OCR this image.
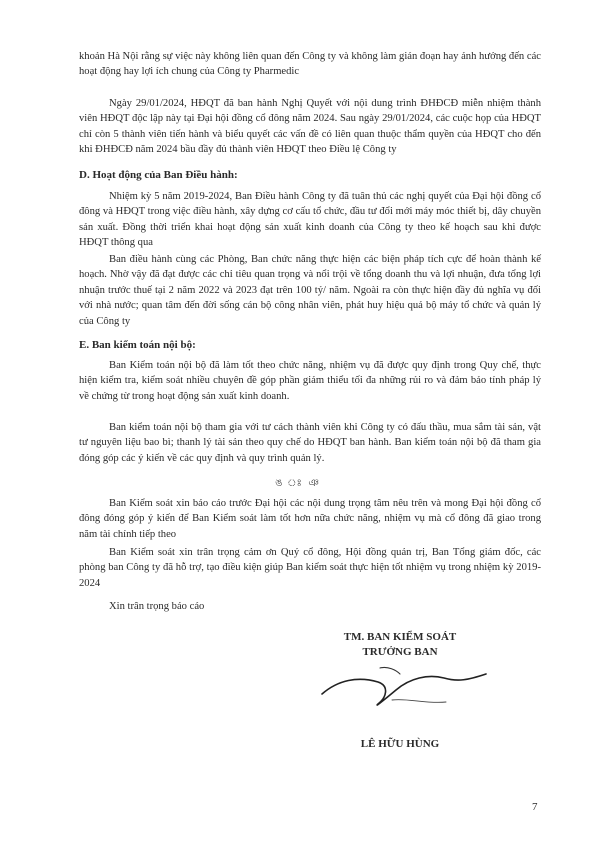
khoản Hà Nội rằng sự việc này không liên quan đến Công ty và không làm gián đoạn hay ảnh hưởng đến các hoạt động hay lợi ích chung của Công ty Pharmedic

Ngày 29/01/2024, HĐQT đã ban hành Nghị Quyết với nội dung trình ĐHĐCĐ miễn nhiệm thành viên HĐQT độc lập này tại Đại hội đồng cổ đông năm 2024. Sau ngày 29/01/2024, các cuộc họp của HĐQT chỉ còn 5 thành viên tiến hành và biểu quyết các vấn đề có liên quan thuộc thẩm quyền của HĐQT cho đến khi ĐHĐCĐ năm 2024 bầu đầy đủ thành viên HĐQT theo Điều lệ Công ty

D. Hoạt động của Ban Điều hành:

Nhiệm kỳ 5 năm 2019-2024, Ban Điều hành Công ty đã tuân thủ các nghị quyết của Đại hội đồng cổ đông và HĐQT trong việc điều hành, xây dựng cơ cấu tổ chức, đầu tư đổi mới máy móc thiết bị, dây chuyền sản xuất. Đồng thời triển khai hoạt động sản xuất kinh doanh của Công ty theo kế hoạch sau khi được HĐQT thông qua

Ban điều hành cùng các Phòng, Ban chức năng thực hiện các biện pháp tích cực để hoàn thành kế hoạch. Nhờ vậy đã đạt được các chỉ tiêu quan trọng và nổi trội về tổng doanh thu và lợi nhuận, đưa tổng lợi nhuận trước thuế tại 2 năm 2022 và 2023 đạt trên 100 tỷ/ năm. Ngoài ra còn thực hiện đầy đủ nghĩa vụ đối với nhà nước; quan tâm đến đời sống cán bộ công nhân viên, phát huy hiệu quả bộ máy tổ chức và quản lý của Công ty

E. Ban kiểm toán nội bộ:

Ban Kiểm toán nội bộ đã làm tốt theo chức năng, nhiệm vụ đã được quy định trong Quy chế, thực hiện kiểm tra, kiểm soát nhiều chuyên đề góp phần giảm thiểu tối đa những rủi ro và đảm bảo tính pháp lý về chứng từ trong hoạt động sản xuất kinh doanh.

Ban kiểm toán nội bộ tham gia với tư cách thành viên khi Công ty có đấu thầu, mua sắm tài sản, vật tư nguyên liệu bao bì; thanh lý tài sản theo quy chế do HĐQT ban hành. Ban kiểm toán nội bộ đã tham gia đóng góp các ý kiến về các quy định và quy trình quản lý.

ঙ ঃ ঞ

Ban Kiểm soát xin báo cáo trước Đại hội các nội dung trọng tâm nêu trên và mong Đại hội đồng cổ đông đóng góp ý kiến để Ban Kiểm soát làm tốt hơn nữa chức năng, nhiệm vụ mà cổ đông đã giao trong năm tài chính tiếp theo

Ban Kiểm soát xin trân trọng cảm ơn Quý cổ đông, Hội đồng quản trị, Ban Tổng giám đốc, các phòng ban Công ty đã hỗ trợ, tạo điều kiện giúp Ban kiểm soát thực hiện tốt nhiệm vụ trong nhiệm kỳ 2019-2024

Xin trân trọng báo cáo

TM. BAN KIỂM SOÁT
TRƯỞNG BAN
LÊ HỮU HÙNG
7
